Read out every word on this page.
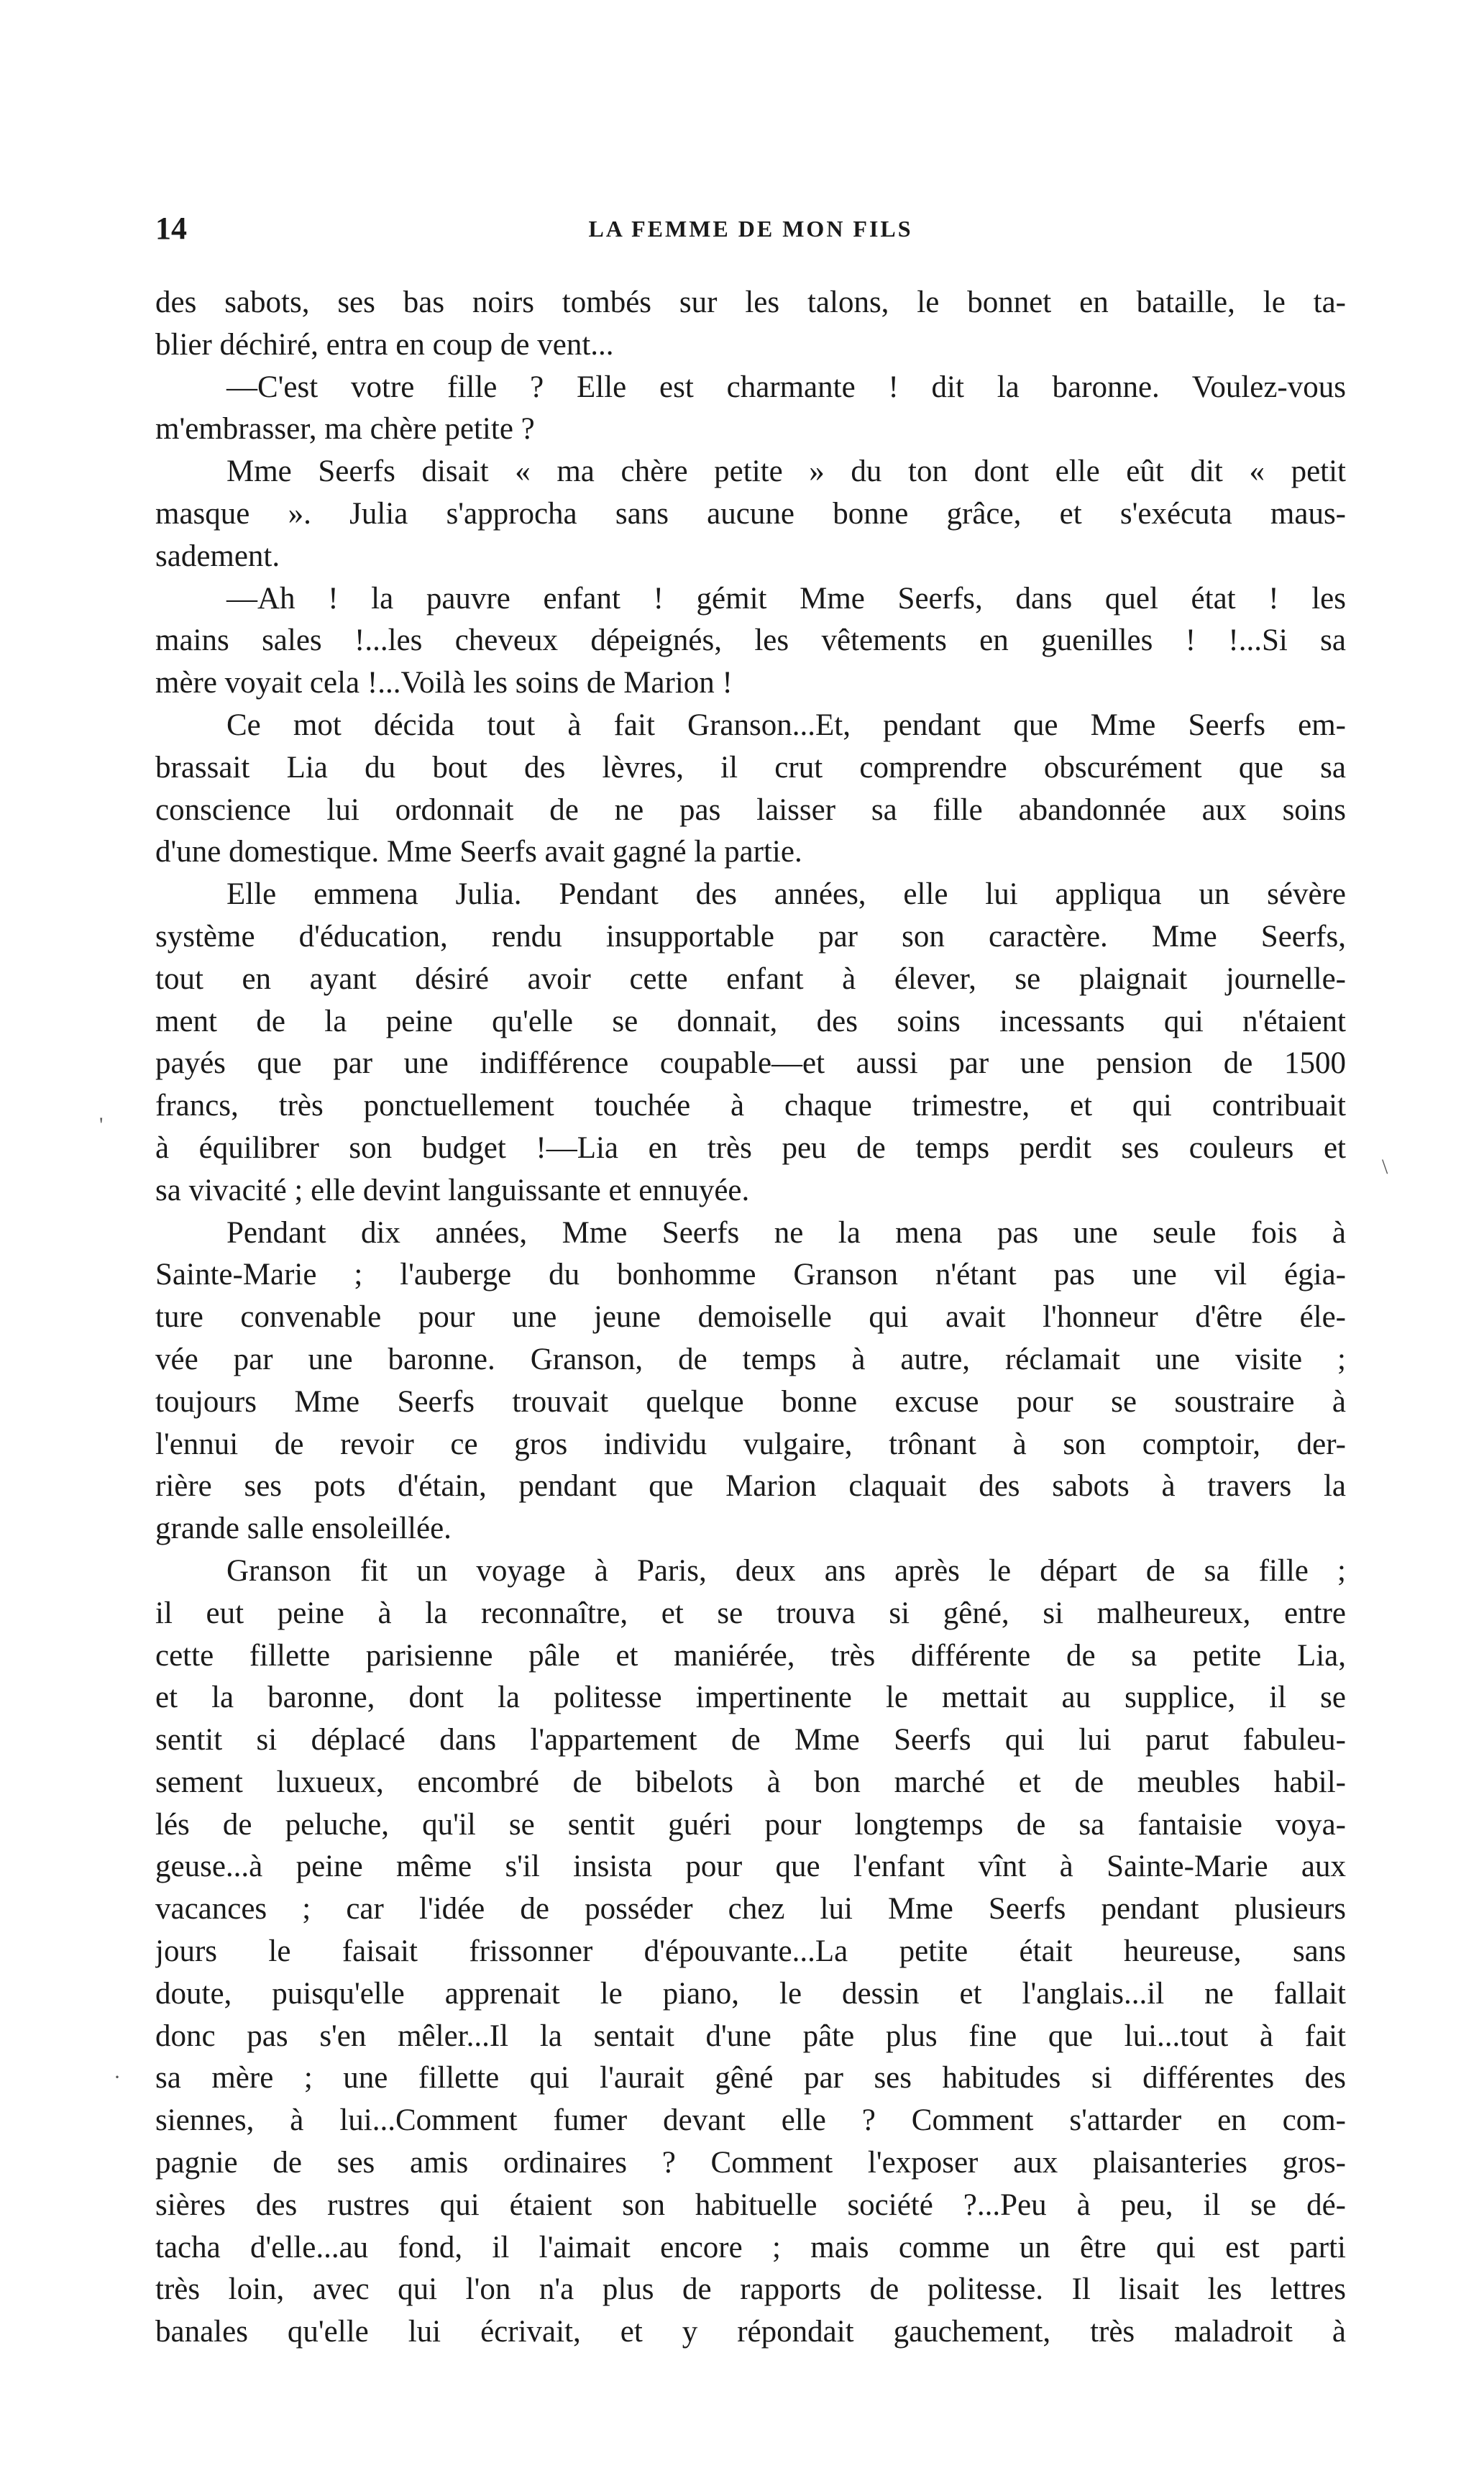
14	LA FEMME DE MON FILS
des sabots, ses bas noirs tombés sur les talons, le bonnet en bataille, le ta-
blier déchiré, entra en coup de vent...
—C'est votre fille ? Elle est charmante ! dit la baronne. Voulez-vous
m'embrasser, ma chère petite ?
Mme Seerfs disait « ma chère petite » du ton dont elle eût dit « petit
masque ». Julia s'approcha sans aucune bonne grâce, et s'exécuta maus-
sadement.
—Ah ! la pauvre enfant ! gémit Mme Seerfs, dans quel état ! les
mains sales !...les cheveux dépeignés, les vêtements en guenilles ! !...Si sa
mère voyait cela !...Voilà les soins de Marion !
Ce mot décida tout à fait Granson...Et, pendant que Mme Seerfs em-
brassait Lia du bout des lèvres, il crut comprendre obscurément que sa
conscience lui ordonnait de ne pas laisser sa fille abandonnée aux soins
d'une domestique. Mme Seerfs avait gagné la partie.
Elle emmena Julia. Pendant des années, elle lui appliqua un sévère
système d'éducation, rendu insupportable par son caractère. Mme Seerfs,
tout en ayant désiré avoir cette enfant à élever, se plaignait journelle-
ment de la peine qu'elle se donnait, des soins incessants qui n'étaient
payés que par une indifférence coupable—et aussi par une pension de 1500
francs, très ponctuellement touchée à chaque trimestre, et qui contribuait
à équilibrer son budget !—Lia en très peu de temps perdit ses couleurs et
sa vivacité ; elle devint languissante et ennuyée.
Pendant dix années, Mme Seerfs ne la mena pas une seule fois à
Sainte-Marie ; l'auberge du bonhomme Granson n'étant pas une vil égia-
ture convenable pour une jeune demoiselle qui avait l'honneur d'être éle-
vée par une baronne. Granson, de temps à autre, réclamait une visite ;
toujours Mme Seerfs trouvait quelque bonne excuse pour se soustraire à
l'ennui de revoir ce gros individu vulgaire, trônant à son comptoir, der-
rière ses pots d'étain, pendant que Marion claquait des sabots à travers la
grande salle ensoleillée.
Granson fit un voyage à Paris, deux ans après le départ de sa fille ;
il eut peine à la reconnaître, et se trouva si gêné, si malheureux, entre
cette fillette parisienne pâle et maniérée, très différente de sa petite Lia,
et la baronne, dont la politesse impertinente le mettait au supplice, il se
sentit si déplacé dans l'appartement de Mme Seerfs qui lui parut fabuleu-
sement luxueux, encombré de bibelots à bon marché et de meubles habil-
lés de peluche, qu'il se sentit guéri pour longtemps de sa fantaisie voya-
geuse...à peine même s'il insista pour que l'enfant vînt à Sainte-Marie aux
vacances ; car l'idée de posséder chez lui Mme Seerfs pendant plusieurs
jours le faisait frissonner d'épouvante...La petite était heureuse, sans
doute, puisqu'elle apprenait le piano, le dessin et l'anglais...il ne fallait
donc pas s'en mêler...Il la sentait d'une pâte plus fine que lui...tout à fait
sa mère ; une fillette qui l'aurait gêné par ses habitudes si différentes des
siennes, à lui...Comment fumer devant elle ? Comment s'attarder en com-
pagnie de ses amis ordinaires ? Comment l'exposer aux plaisanteries gros-
sières des rustres qui étaient son habituelle société ?...Peu à peu, il se dé-
tacha d'elle...au fond, il l'aimait encore ; mais comme un être qui est parti
très loin, avec qui l'on n'a plus de rapports de politesse. Il lisait les lettres
banales qu'elle lui écrivait, et y répondait gauchement, très maladroit à
'
\
·
